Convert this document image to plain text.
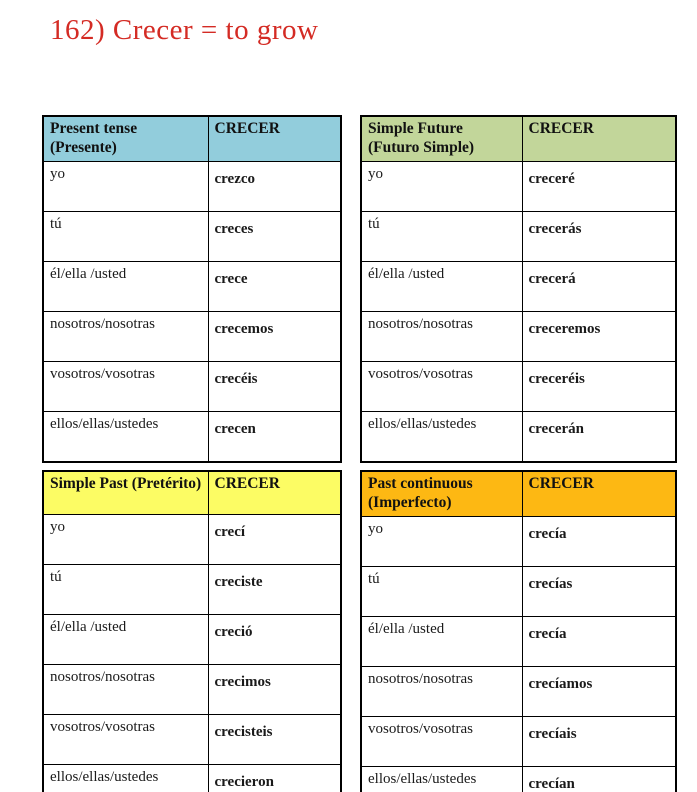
162) Crecer = to grow
Present tense (Presente)	CRECER
yo	crezco
tú	creces
él/ella /usted	crece
nosotros/nosotras	crecemos
vosotros/vosotras	crecéis
ellos/ellas/ustedes	crecen
Simple Future (Futuro Simple)	CRECER
yo	creceré
tú	crecerás
él/ella /usted	crecerá
nosotros/nosotras	creceremos
vosotros/vosotras	creceréis
ellos/ellas/ustedes	crecerán
Simple Past (Pretérito)	CRECER
yo	crecí
tú	creciste
él/ella /usted	creció
nosotros/nosotras	crecimos
vosotros/vosotras	crecisteis
ellos/ellas/ustedes	crecieron
Past continuous (Imperfecto)	CRECER
yo	crecía
tú	crecías
él/ella /usted	crecía
nosotros/nosotras	crecíamos
vosotros/vosotras	crecíais
ellos/ellas/ustedes	crecían
